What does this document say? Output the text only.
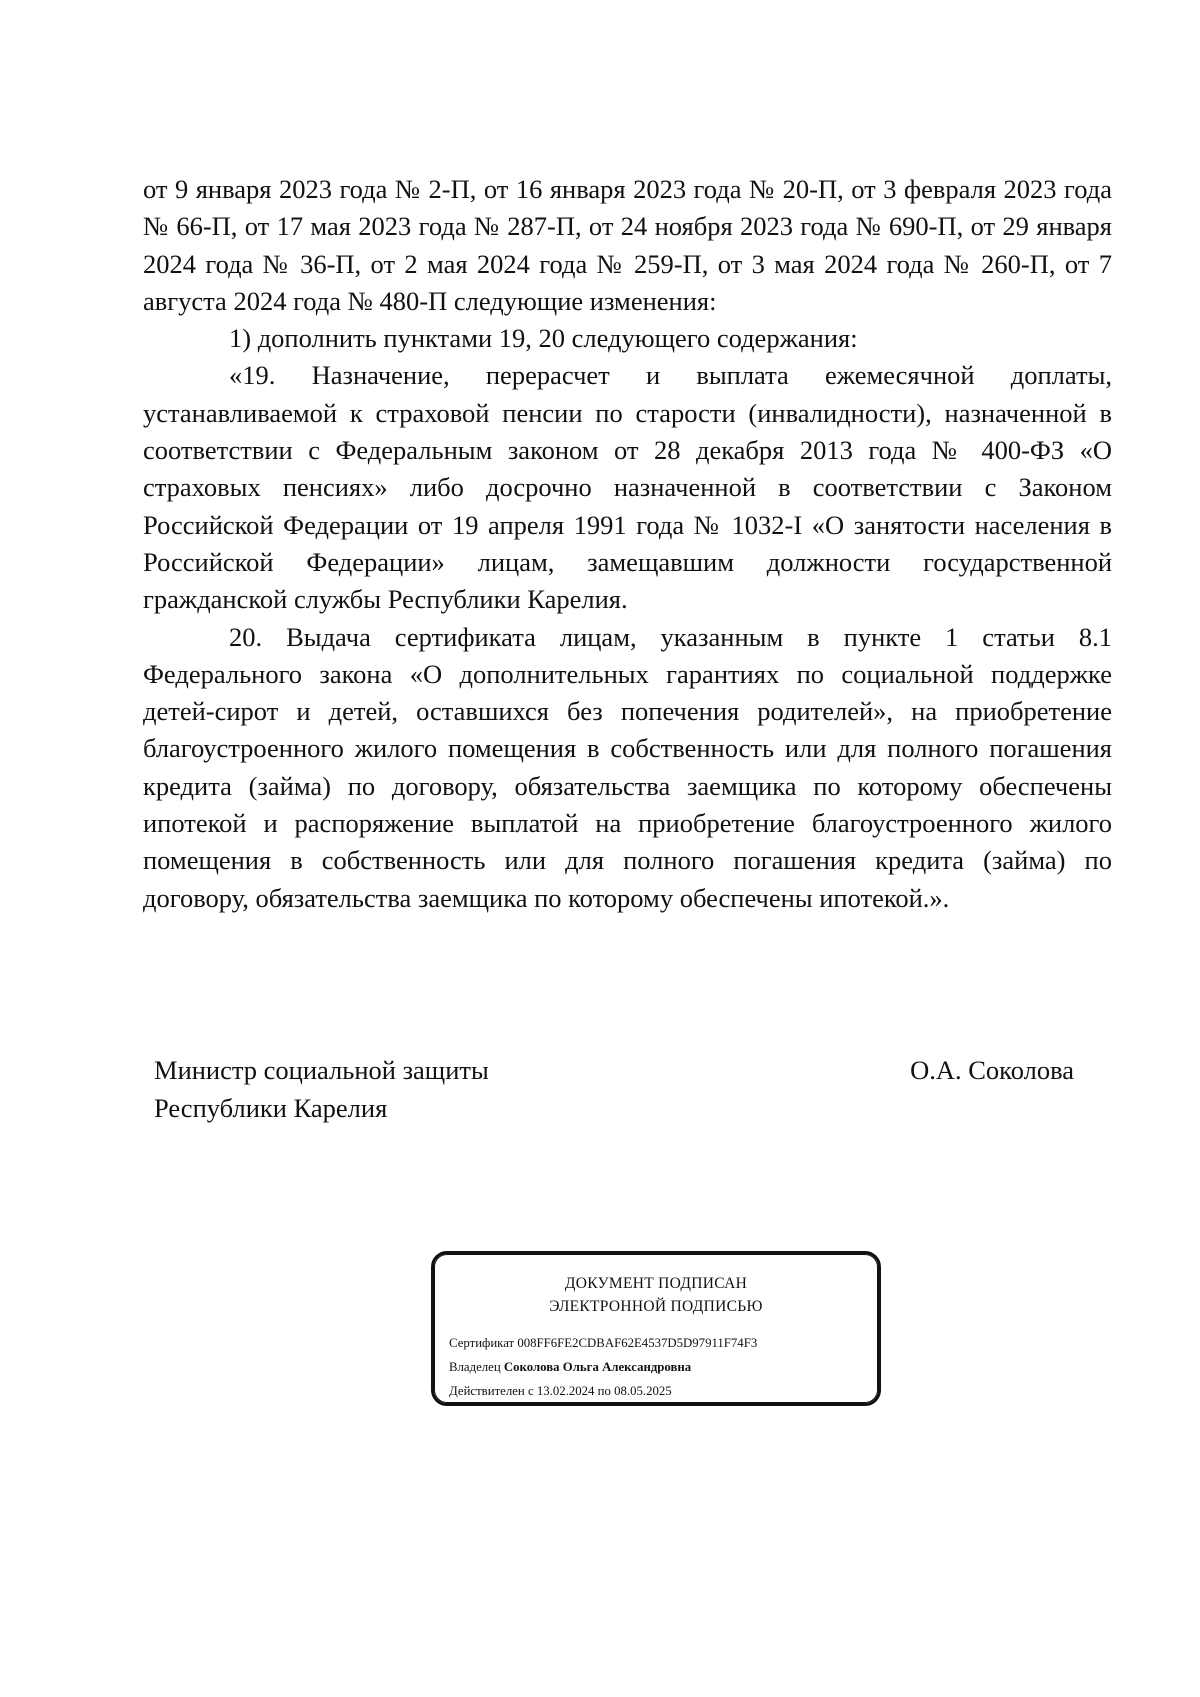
от 9 января 2023 года № 2-П, от 16 января 2023 года № 20-П, от 3 февраля 2023 года № 66-П, от 17 мая 2023 года № 287-П, от 24 ноября 2023 года № 690-П, от 29 января 2024 года № 36-П, от 2 мая 2024 года № 259-П, от 3 мая 2024 года № 260-П, от 7 августа 2024 года № 480-П следующие изменения:

1) дополнить пунктами 19, 20 следующего содержания:

«19. Назначение, перерасчет и выплата ежемесячной доплаты, устанавливаемой к страховой пенсии по старости (инвалидности), назначенной в соответствии с Федеральным законом от 28 декабря 2013 года № 400-ФЗ «О страховых пенсиях» либо досрочно назначенной в соответствии с Законом Российской Федерации от 19 апреля 1991 года № 1032-I «О занятости населения в Российской Федерации» лицам, замещавшим должности государственной гражданской службы Республики Карелия.

20. Выдача сертификата лицам, указанным в пункте 1 статьи 8.1 Федерального закона «О дополнительных гарантиях по социальной поддержке детей-сирот и детей, оставшихся без попечения родителей», на приобретение благоустроенного жилого помещения в собственность или для полного погашения кредита (займа) по договору, обязательства заемщика по которому обеспечены ипотекой и распоряжение выплатой на приобретение благоустроенного жилого помещения в собственность или для полного погашения кредита (займа) по договору, обязательства заемщика по которому обеспечены ипотекой.».

Министр социальной защиты
Республики Карелия
О.А. Соколова
ДОКУМЕНТ ПОДПИСАН
ЭЛЕКТРОННОЙ ПОДПИСЬЮ
Сертификат 008FF6FE2CDBAF62E4537D5D97911F74F3
Владелец Соколова Ольга Александровна
Действителен с 13.02.2024 по 08.05.2025
